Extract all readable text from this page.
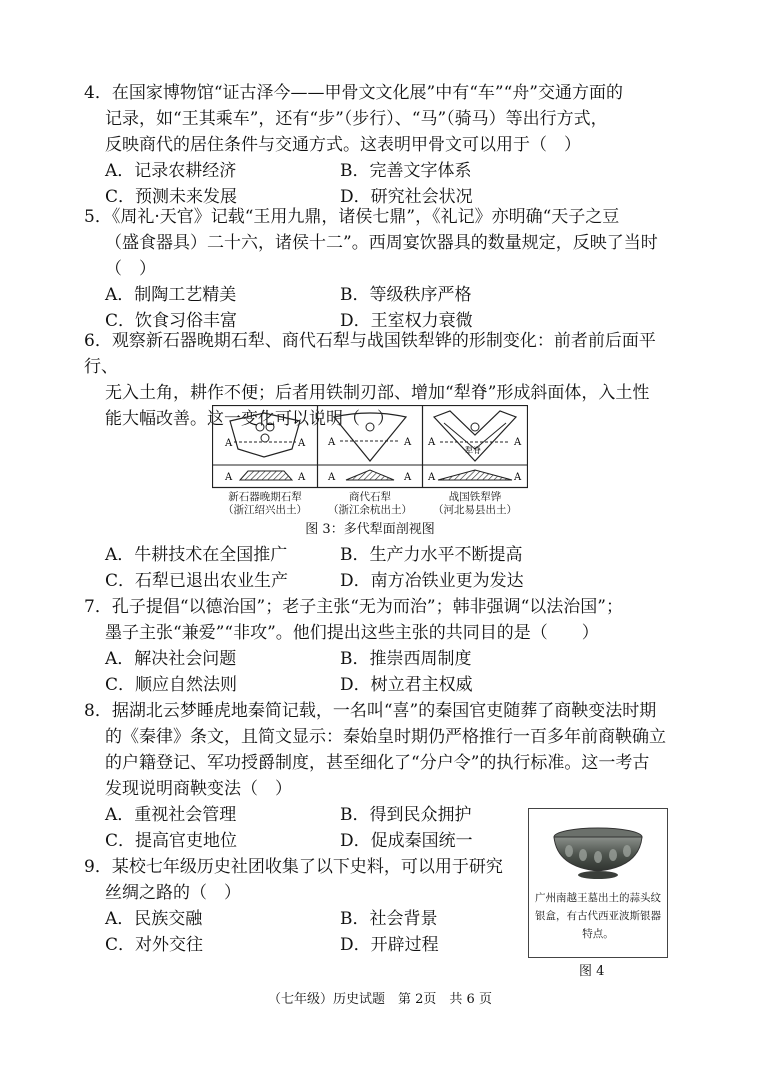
4．在国家博物馆“证古泽今——甲骨文文化展”中有“车”“舟”交通方面的

记录，如“王其乘车”，还有“步”（步行）、“马”（骑马）等出行方式，

反映商代的居住条件与交通方式。这表明甲骨文可以用于（　）

A．记录农耕经济	B．完善文字体系
C．预测未来发展	D．研究社会状况

5．《周礼·天官》记载“王用九鼎，诸侯七鼎”，《礼记》亦明确“天子之豆

（盛食器具）二十六，诸侯十二”。西周宴饮器具的数量规定，反映了当时

（　）

A．制陶工艺精美	B．等级秩序严格
C．饮食习俗丰富	D．王室权力衰微

6．观察新石器晚期石犁、商代石犁与战国铁犁铧的形制变化：前者前后面平行、

无入土角，耕作不便；后者用铁制刃部、增加“犁脊”形成斜面体，入土性

能大幅改善。这一变化可以说明（　）

A	A
A	A
A	A
A	A
犁脊
A	A
A	A
新石器晚期石犁
（浙江绍兴出土）
商代石犁
（浙江余杭出土）
战国铁犁铧
（河北易县出土）
图 3：多代犁面剖视图
A．牛耕技术在全国推广	B．生产力水平不断提高
C．石犁已退出农业生产	D．南方冶铁业更为发达

7．孔子提倡“以德治国”；老子主张“无为而治”；韩非强调“以法治国”；

墨子主张“兼爱”“非攻”。他们提出这些主张的共同目的是（　　）

A．解决社会问题	B．推崇西周制度
C．顺应自然法则	D．树立君主权威

8．据湖北云梦睡虎地秦简记载，一名叫“喜”的秦国官吏随葬了商鞅变法时期

的《秦律》条文，且简文显示：秦始皇时期仍严格推行一百多年前商鞅确立

的户籍登记、军功授爵制度，甚至细化了“分户令”的执行标准。这一考古

发现说明商鞅变法（　）

A．重视社会管理	B．得到民众拥护
C．提高官吏地位	D．促成秦国统一

9．某校七年级历史社团收集了以下史料，可以用于研究

丝绸之路的（　）

A．民族交融	B．社会背景
C．对外交往	D．开辟过程
广州南越王墓出土的蒜头纹银盒，有古代西亚波斯银器特点。
图 4
（七年级）历史试题　第 2页　共 6 页
